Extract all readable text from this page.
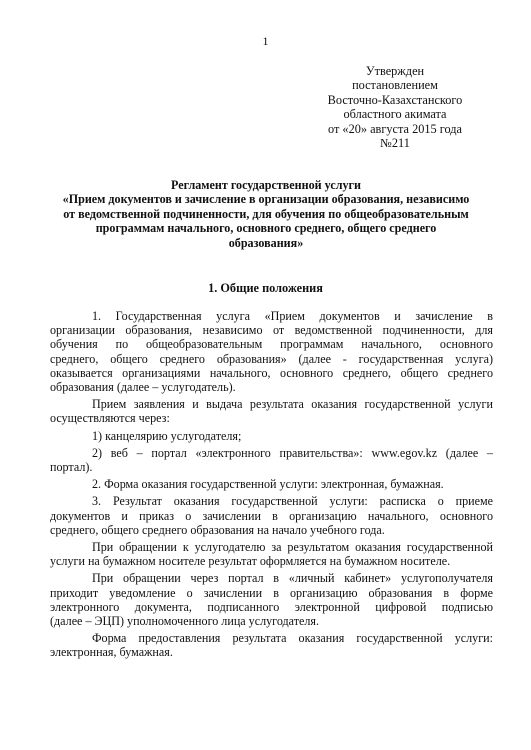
1
Утвержден
постановлением
Восточно-Казахстанского
областного акимата
от «20» августа 2015 года
№211
Регламент государственной услуги
«Прием документов и зачисление в организации образования, независимо
от ведомственной подчиненности, для обучения по общеобразовательным
программам начального, основного среднего, общего среднего
образования»
1. Общие положения
1. Государственная услуга «Прием документов и зачисление в
организации образования, независимо от ведомственной подчиненности, для
обучения по общеобразовательным программам начального, основного
среднего, общего среднего образования» (далее - государственная услуга)
оказывается организациями начального, основного среднего, общего среднего
образования (далее – услугодатель).
Прием заявления и выдача результата оказания государственной услуги
осуществляются через:
1) канцелярию услугодателя;
2) веб – портал «электронного правительства»: www.egov.kz (далее –
портал).
2. Форма оказания государственной услуги: электронная, бумажная.
3. Результат оказания государственной услуги: расписка о приеме
документов и приказ о зачислении в организацию начального, основного
среднего, общего среднего образования на начало учебного года.
При обращении к услугодателю за результатом оказания государственной
услуги на бумажном носителе результат оформляется на бумажном носителе.
При обращении через портал в «личный кабинет» услугополучателя
приходит уведомление о зачислении в организацию образования в форме
электронного документа, подписанного электронной цифровой подписью
(далее – ЭЦП) уполномоченного лица услугодателя.
Форма предоставления результата оказания государственной услуги:
электронная, бумажная.
